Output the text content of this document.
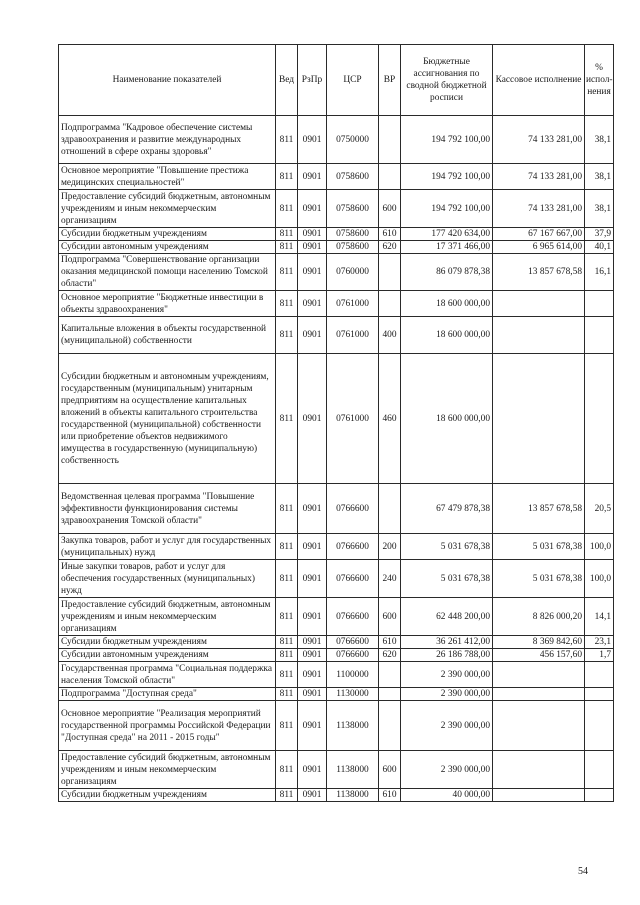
Наименование показателей	Вед	РзПр	ЦСР	ВР	Бюджетные ассигнования по сводной бюджетной росписи	Кассовое исполнение	% испол-нения
Подпрограмма "Кадровое обеспечение системы здравоохранения и развитие международных отношений в сфере охраны здоровья"	811	0901	0750000		194 792 100,00	74 133 281,00	38,1
Основное мероприятие "Повышение престижа медицинских специальностей"	811	0901	0758600		194 792 100,00	74 133 281,00	38,1
Предоставление субсидий бюджетным, автономным учреждениям и иным некоммерческим организациям	811	0901	0758600	600	194 792 100,00	74 133 281,00	38,1
Субсидии бюджетным учреждениям	811	0901	0758600	610	177 420 634,00	67 167 667,00	37,9
Субсидии автономным учреждениям	811	0901	0758600	620	17 371 466,00	6 965 614,00	40,1
Подпрограмма "Совершенствование организации оказания медицинской помощи населению Томской области"	811	0901	0760000		86 079 878,38	13 857 678,58	16,1
Основное мероприятие "Бюджетные инвестиции в объекты здравоохранения"	811	0901	0761000		18 600 000,00		
Капитальные вложения в объекты государственной (муниципальной) собственности	811	0901	0761000	400	18 600 000,00		
Субсидии бюджетным и автономным учреждениям, государственным (муниципальным) унитарным предприятиям на осуществление капитальных вложений в объекты капитального строительства государственной (муниципальной) собственности или приобретение объектов недвижимого имущества в государственную (муниципальную) собственность	811	0901	0761000	460	18 600 000,00		
Ведомственная целевая программа "Повышение эффективности функционирования системы здравоохранения Томской области"	811	0901	0766600		67 479 878,38	13 857 678,58	20,5
Закупка товаров, работ и услуг для государственных (муниципальных) нужд	811	0901	0766600	200	5 031 678,38	5 031 678,38	100,0
Иные закупки товаров, работ и услуг для обеспечения государственных (муниципальных) нужд	811	0901	0766600	240	5 031 678,38	5 031 678,38	100,0
Предоставление субсидий бюджетным, автономным учреждениям и иным некоммерческим организациям	811	0901	0766600	600	62 448 200,00	8 826 000,20	14,1
Субсидии бюджетным учреждениям	811	0901	0766600	610	36 261 412,00	8 369 842,60	23,1
Субсидии автономным учреждениям	811	0901	0766600	620	26 186 788,00	456 157,60	1,7
Государственная программа "Социальная поддержка населения Томской области"	811	0901	1100000		2 390 000,00		
Подпрограмма "Доступная среда"	811	0901	1130000		2 390 000,00		
Основное мероприятие "Реализация мероприятий государственной программы Российской Федерации "Доступная среда" на 2011 - 2015 годы"	811	0901	1138000		2 390 000,00		
Предоставление субсидий бюджетным, автономным учреждениям и иным некоммерческим организациям	811	0901	1138000	600	2 390 000,00		
Субсидии бюджетным учреждениям	811	0901	1138000	610	40 000,00		
54
